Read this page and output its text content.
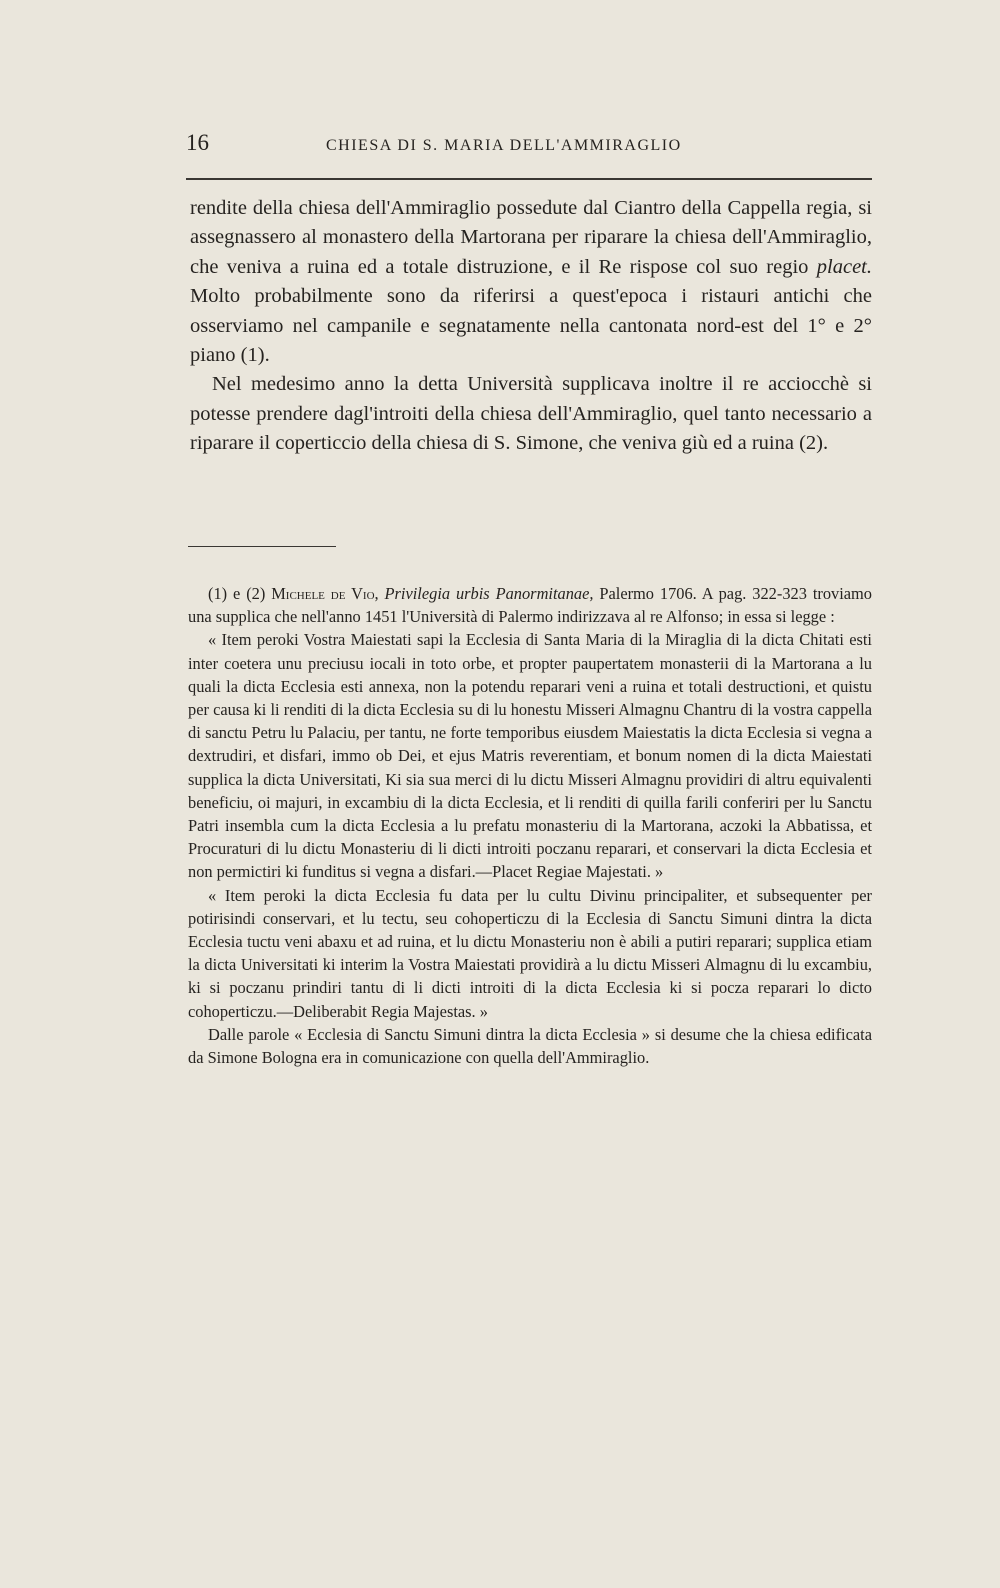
16	CHIESA DI S. MARIA DELL'AMMIRAGLIO

rendite della chiesa dell'Ammiraglio possedute dal Ciantro della Cappella regia, si assegnassero al monastero della Martorana per riparare la chiesa dell'Ammiraglio, che veniva a ruina ed a totale distruzione, e il Re rispose col suo regio placet. Molto probabilmente sono da riferirsi a quest'epoca i ristauri antichi che osserviamo nel campanile e segnatamente nella cantonata nord-est del 1° e 2° piano (1).

Nel medesimo anno la detta Università supplicava inoltre il re acciocchè si potesse prendere dagl'introiti della chiesa dell'Ammiraglio, quel tanto necessario a riparare il coperticcio della chiesa di S. Simone, che veniva giù ed a ruina (2).

(1) e (2) Michele de Vio, Privilegia urbis Panormitanae, Palermo 1706. A pag. 322-323 troviamo una supplica che nell'anno 1451 l'Università di Palermo indirizzava al re Alfonso; in essa si legge :

« Item peroki Vostra Maiestati sapi la Ecclesia di Santa Maria di la Miraglia di la dicta Chitati esti inter coetera unu preciusu iocali in toto orbe, et propter paupertatem monasterii di la Martorana a lu quali la dicta Ecclesia esti annexa, non la potendu reparari veni a ruina et totali destructioni, et quistu per causa ki li renditi di la dicta Ecclesia su di lu honestu Misseri Almagnu Chantru di la vostra cappella di sanctu Petru lu Palaciu, per tantu, ne forte temporibus eiusdem Maiestatis la dicta Ecclesia si vegna a dextrudiri, et disfari, immo ob Dei, et ejus Matris reverentiam, et bonum nomen di la dicta Maiestati supplica la dicta Universitati, Ki sia sua merci di lu dictu Misseri Almagnu providiri di altru equivalenti beneficiu, oi majuri, in excambiu di la dicta Ecclesia, et li renditi di quilla farili conferiri per lu Sanctu Patri insembla cum la dicta Ecclesia a lu prefatu monasteriu di la Martorana, aczoki la Abbatissa, et Procuraturi di lu dictu Monasteriu di li dicti introiti poczanu reparari, et conservari la dicta Ecclesia et non permictiri ki funditus si vegna a disfari.—Placet Regiae Majestati. »

« Item peroki la dicta Ecclesia fu data per lu cultu Divinu principaliter, et subsequenter per potirisindi conservari, et lu tectu, seu cohoperticzu di la Ecclesia di Sanctu Simuni dintra la dicta Ecclesia tuctu veni abaxu et ad ruina, et lu dictu Monasteriu non è abili a putiri reparari; supplica etiam la dicta Universitati ki interim la Vostra Maiestati providirà a lu dictu Misseri Almagnu di lu excambiu, ki si poczanu prindiri tantu di li dicti introiti di la dicta Ecclesia ki si pocza reparari lo dicto cohoperticzu.—Deliberabit Regia Majestas. »

Dalle parole « Ecclesia di Sanctu Simuni dintra la dicta Ecclesia » si desume che la chiesa edificata da Simone Bologna era in comunicazione con quella dell'Ammiraglio.
